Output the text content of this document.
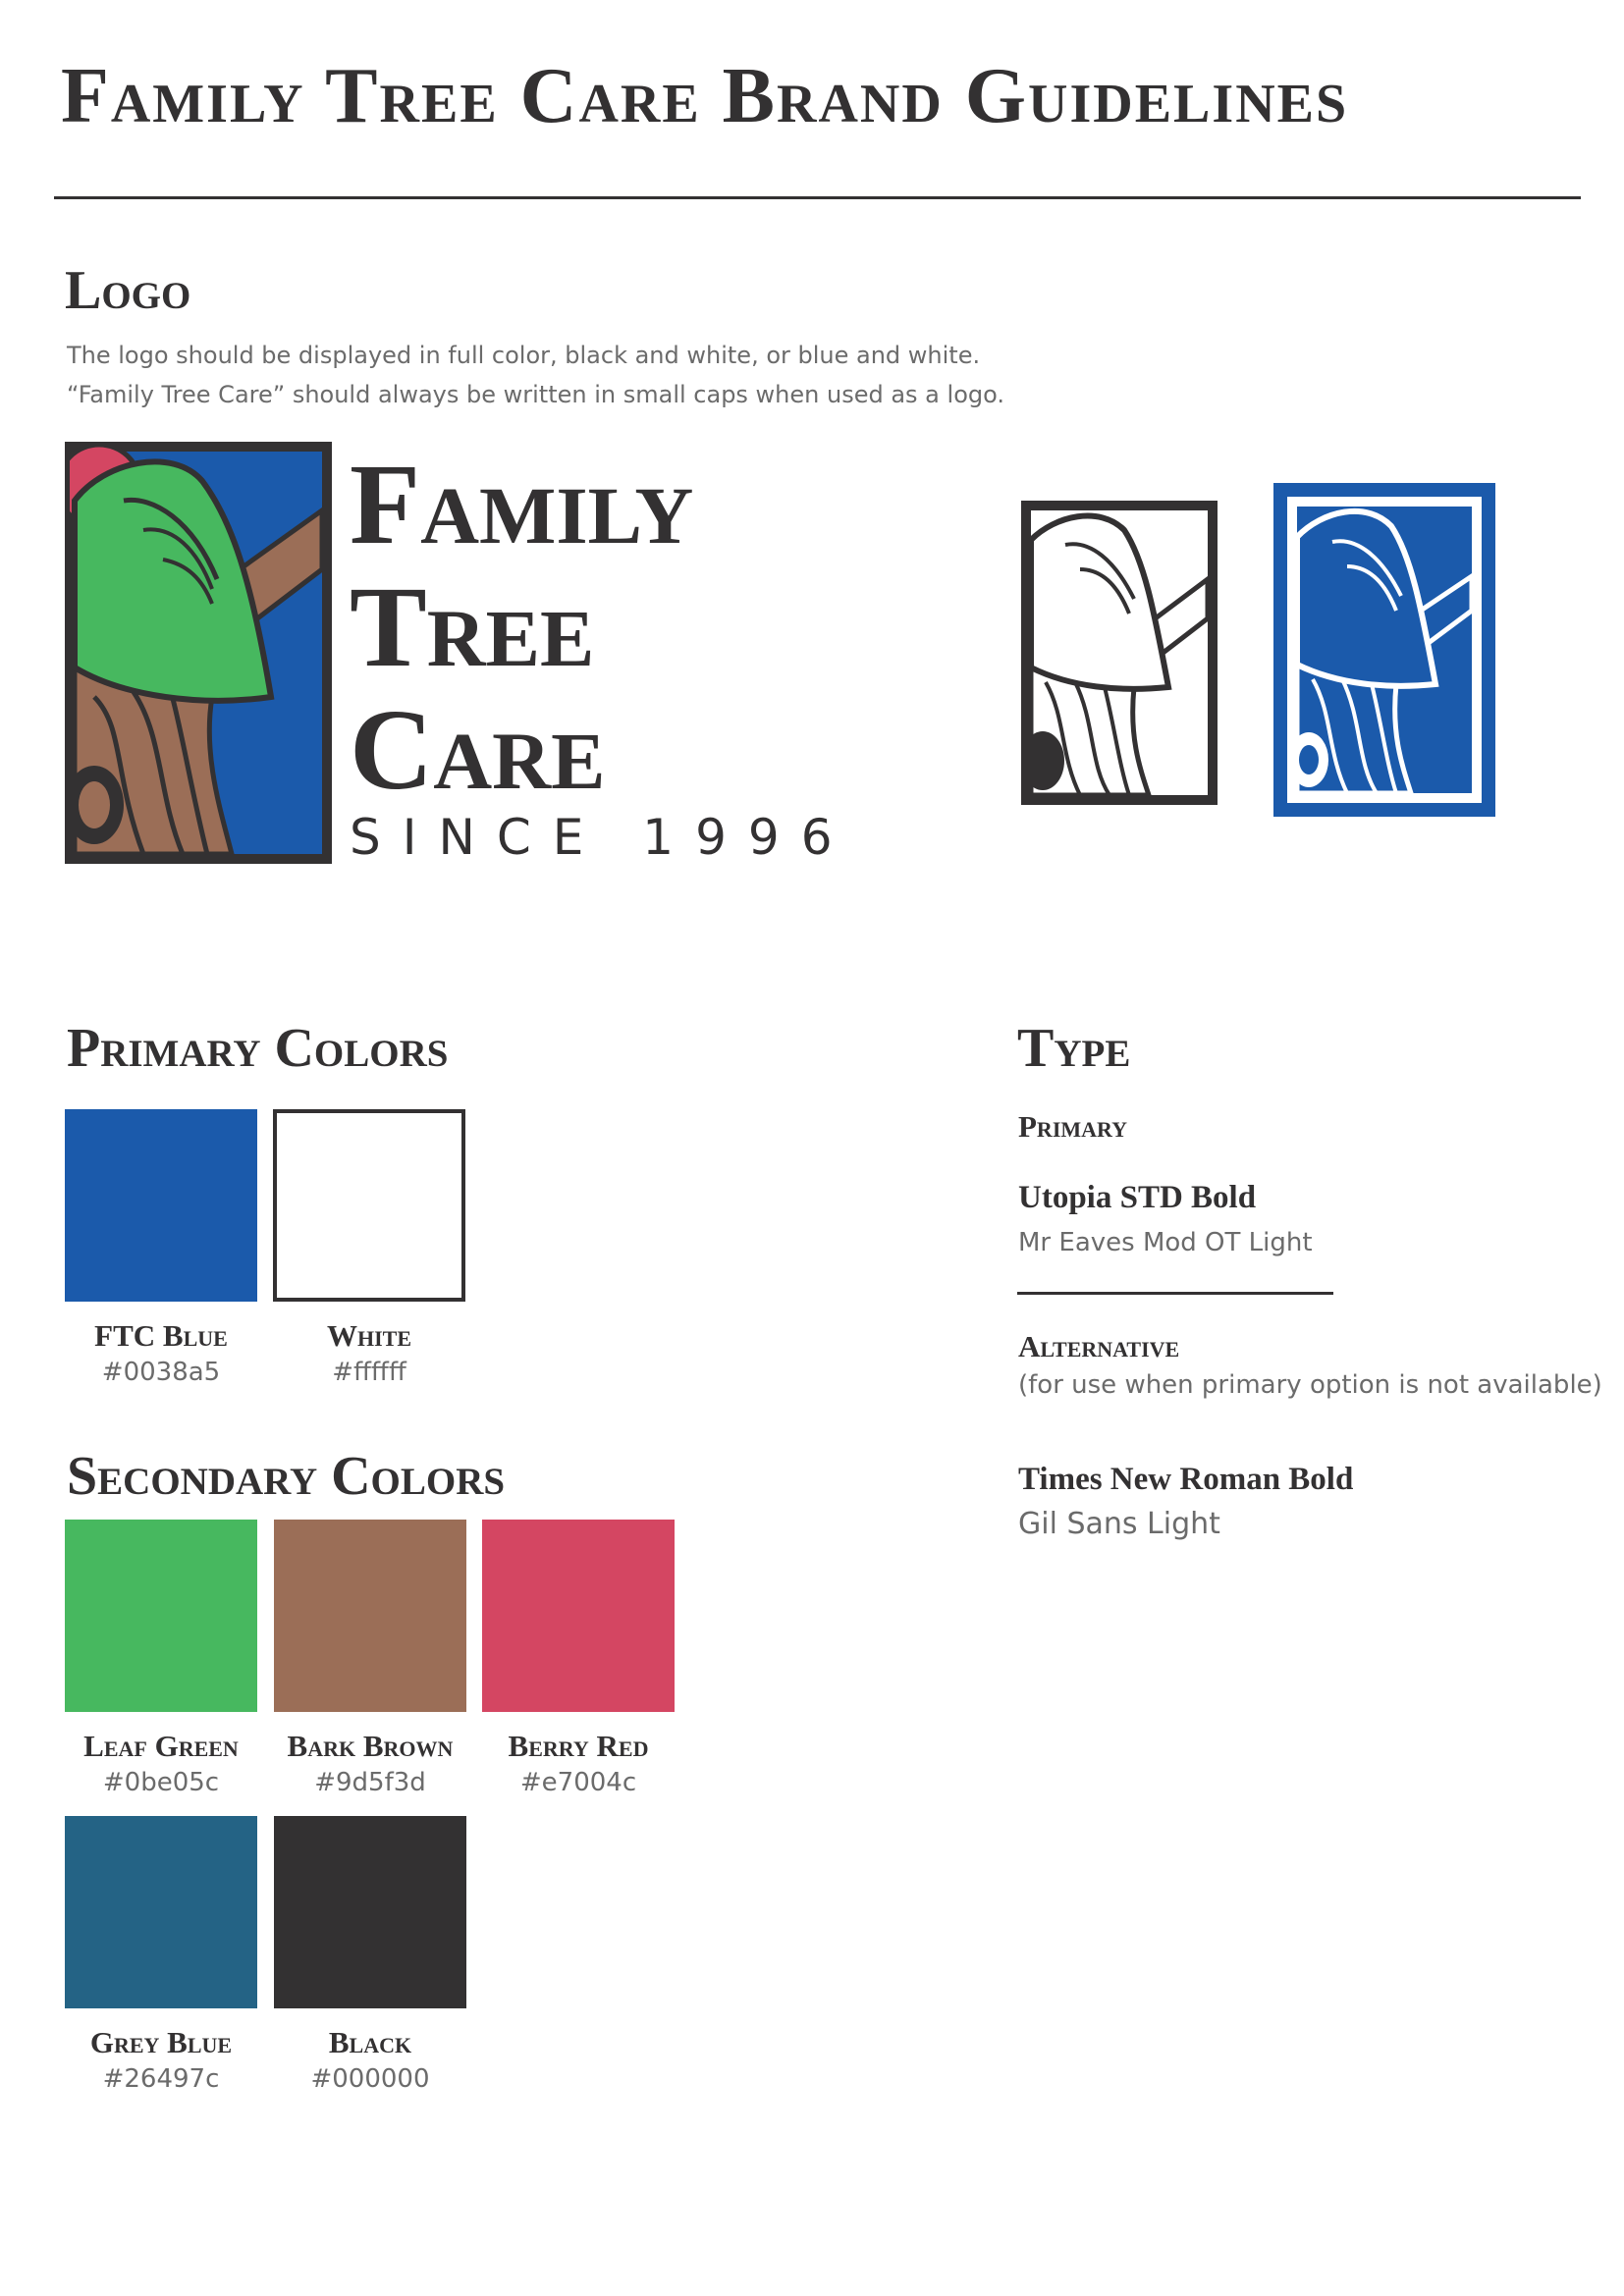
Family Tree Care Brand Guidelines
Logo
The logo should be displayed in full color, black and white, or blue and white.
“Family Tree Care” should always be written in small caps when used as a logo.
Family
Tree
Care
SINCE 1996
Primary Colors
FTC Blue
#0038a5
White
#ffffff
Secondary Colors
Leaf Green
#0be05c
Bark Brown
#9d5f3d
Berry Red
#e7004c
Grey Blue
#26497c
Black
#000000
Type
Primary
Utopia STD Bold
Mr Eaves Mod OT Light
Alternative
(for use when primary option is not available)
Times New Roman Bold
Gil Sans Light
